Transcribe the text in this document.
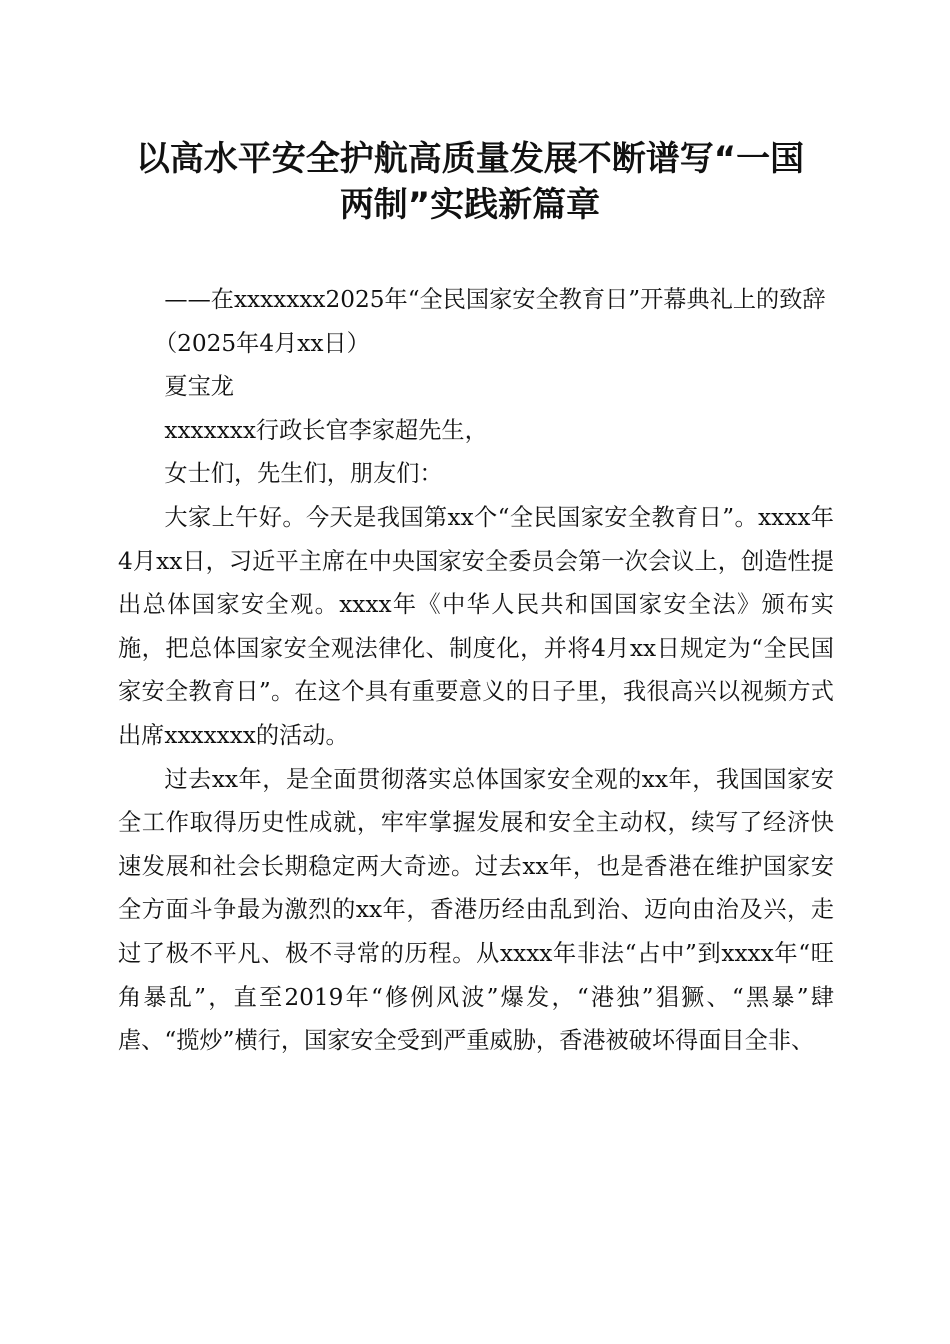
以高水平安全护航高质量发展不断谱写“一国
两制”实践新篇章

——在xxxxxxx2025年“全民国家安全教育日”开幕典礼上的致辞

（2025年4月xx日）

夏宝龙

xxxxxxx行政长官李家超先生，

女士们，先生们，朋友们：

大家上午好。今天是我国第xx个“全民国家安全教育日”。xxxx年4月xx日，习近平主席在中央国家安全委员会第一次会议上，创造性提出总体国家安全观。xxxx年《中华人民共和国国家安全法》颁布实施，把总体国家安全观法律化、制度化，并将4月xx日规定为“全民国家安全教育日”。在这个具有重要意义的日子里，我很高兴以视频方式出席xxxxxxx的活动。

过去xx年，是全面贯彻落实总体国家安全观的xx年，我国国家安全工作取得历史性成就，牢牢掌握发展和安全主动权，续写了经济快速发展和社会长期稳定两大奇迹。过去xx年，也是香港在维护国家安全方面斗争最为激烈的xx年，香港历经由乱到治、迈向由治及兴，走过了极不平凡、极不寻常的历程。从xxxx年非法“占中”到xxxx年“旺角暴乱”，直至2019年“修例风波”爆发，“港独”猖獗、“黑暴”肆虐、“揽炒”横行，国家安全受到严重威胁，香港被破坏得面目全非、
